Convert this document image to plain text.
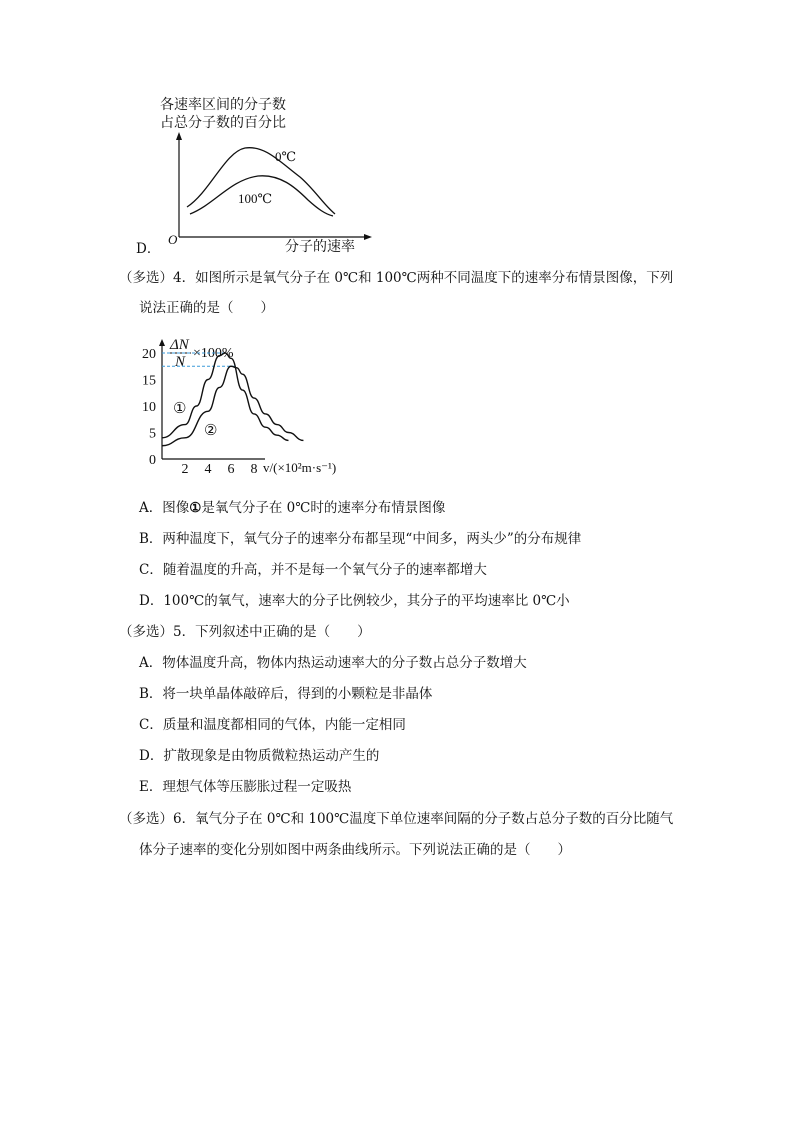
D．
各速率区间的分子数
占总分子数的百分比
O
分子的速率
0℃
100℃
（多选）4．如图所示是氧气分子在 0℃和 100℃两种不同温度下的速率分布情景图像，下列
说法正确的是（　　）
ΔN
N
×100%
0
5
10
15
20
2 4 6 8 v/(×10²m·s⁻¹)
①
②
A．图像①是氧气分子在 0℃时的速率分布情景图像
B．两种温度下，氧气分子的速率分布都呈现“中间多，两头少”的分布规律
C．随着温度的升高，并不是每一个氧气分子的速率都增大
D．100℃的氧气，速率大的分子比例较少，其分子的平均速率比 0℃小
（多选）5．下列叙述中正确的是（　　）
A．物体温度升高，物体内热运动速率大的分子数占总分子数增大
B．将一块单晶体敲碎后，得到的小颗粒是非晶体
C．质量和温度都相同的气体，内能一定相同
D．扩散现象是由物质微粒热运动产生的
E．理想气体等压膨胀过程一定吸热
（多选）6．氧气分子在 0℃和 100℃温度下单位速率间隔的分子数占总分子数的百分比随气
体分子速率的变化分别如图中两条曲线所示。下列说法正确的是（　　）
